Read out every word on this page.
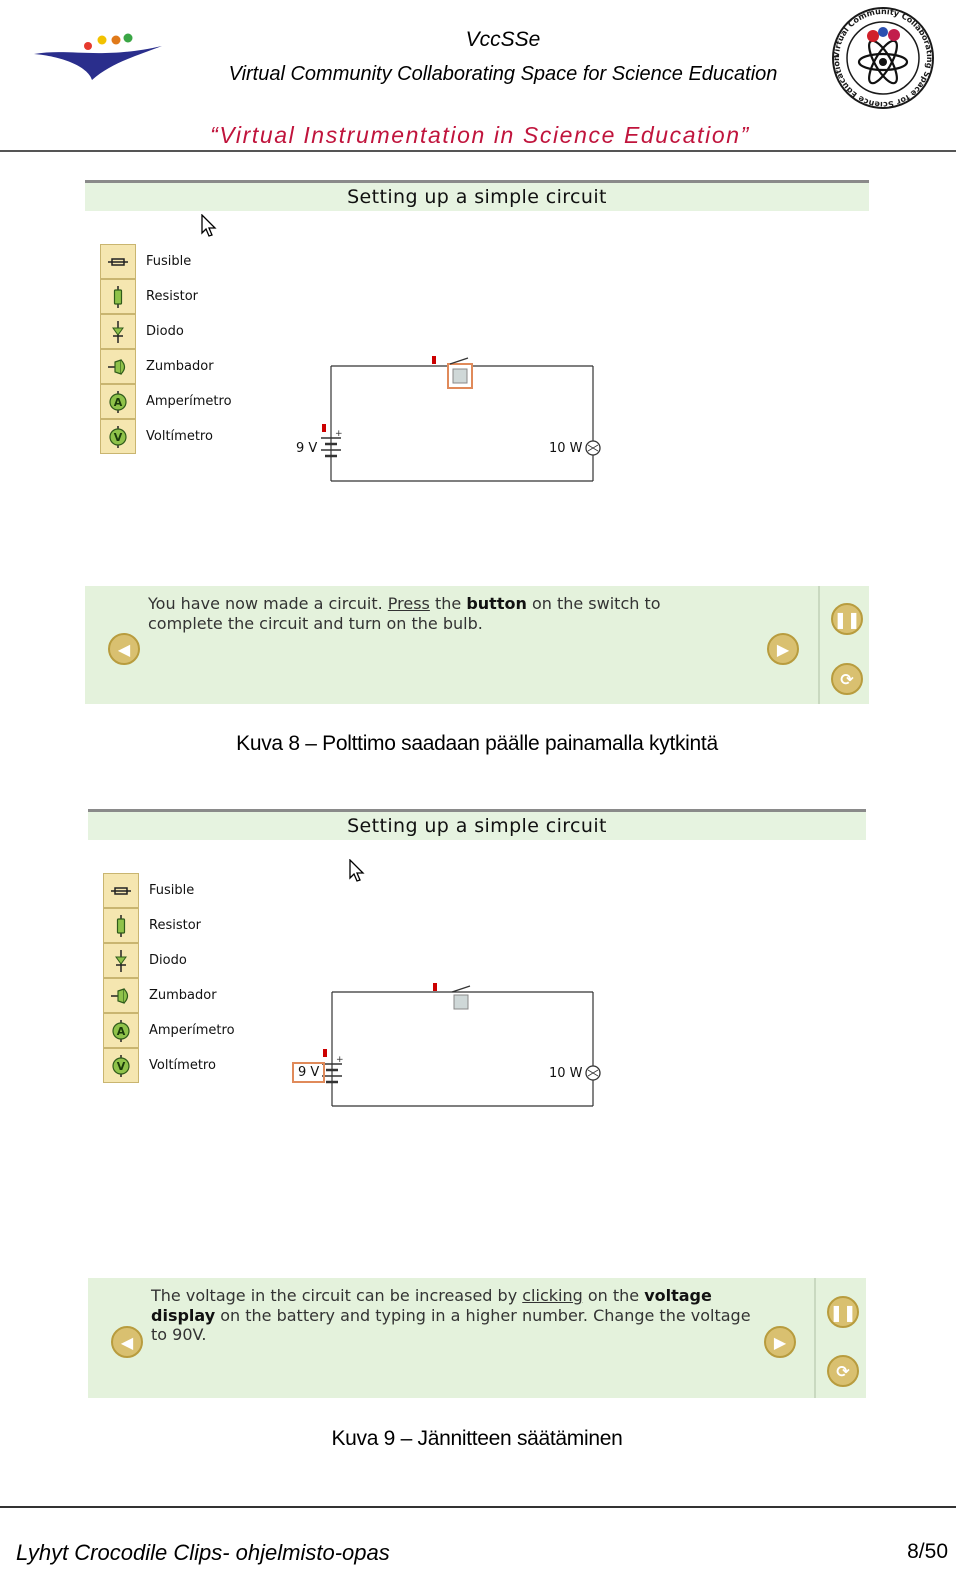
VccSSe
Virtual Community Collaborating Space for Science Education
“Virtual Instrumentation in Science Education”
Virtual Community Collaborating Space for Science Education
Setting up a simple circuit
Fusible
Resistor
Diodo
Zumbador
A Amperímetro
V Voltímetro	+
9 V	10 W
You have now made a circuit. Press the button on the switch to complete the circuit and turn on the bulb.
◀	▶
❚❚
⟳
Kuva 8 – Polttimo saadaan päälle painamalla kytkintä
Setting up a simple circuit
Fusible
Resistor
Diodo
Zumbador
A Amperímetro
V Voltímetro	+
9 V	10 W
The voltage in the circuit can be increased by clicking on the voltage display on the battery and typing in a higher number. Change the voltage to 90V.
◀	▶
❚❚
⟳
Kuva 9 – Jännitteen säätäminen
Lyhyt Crocodile Clips- ohjelmisto-opas	8/50
